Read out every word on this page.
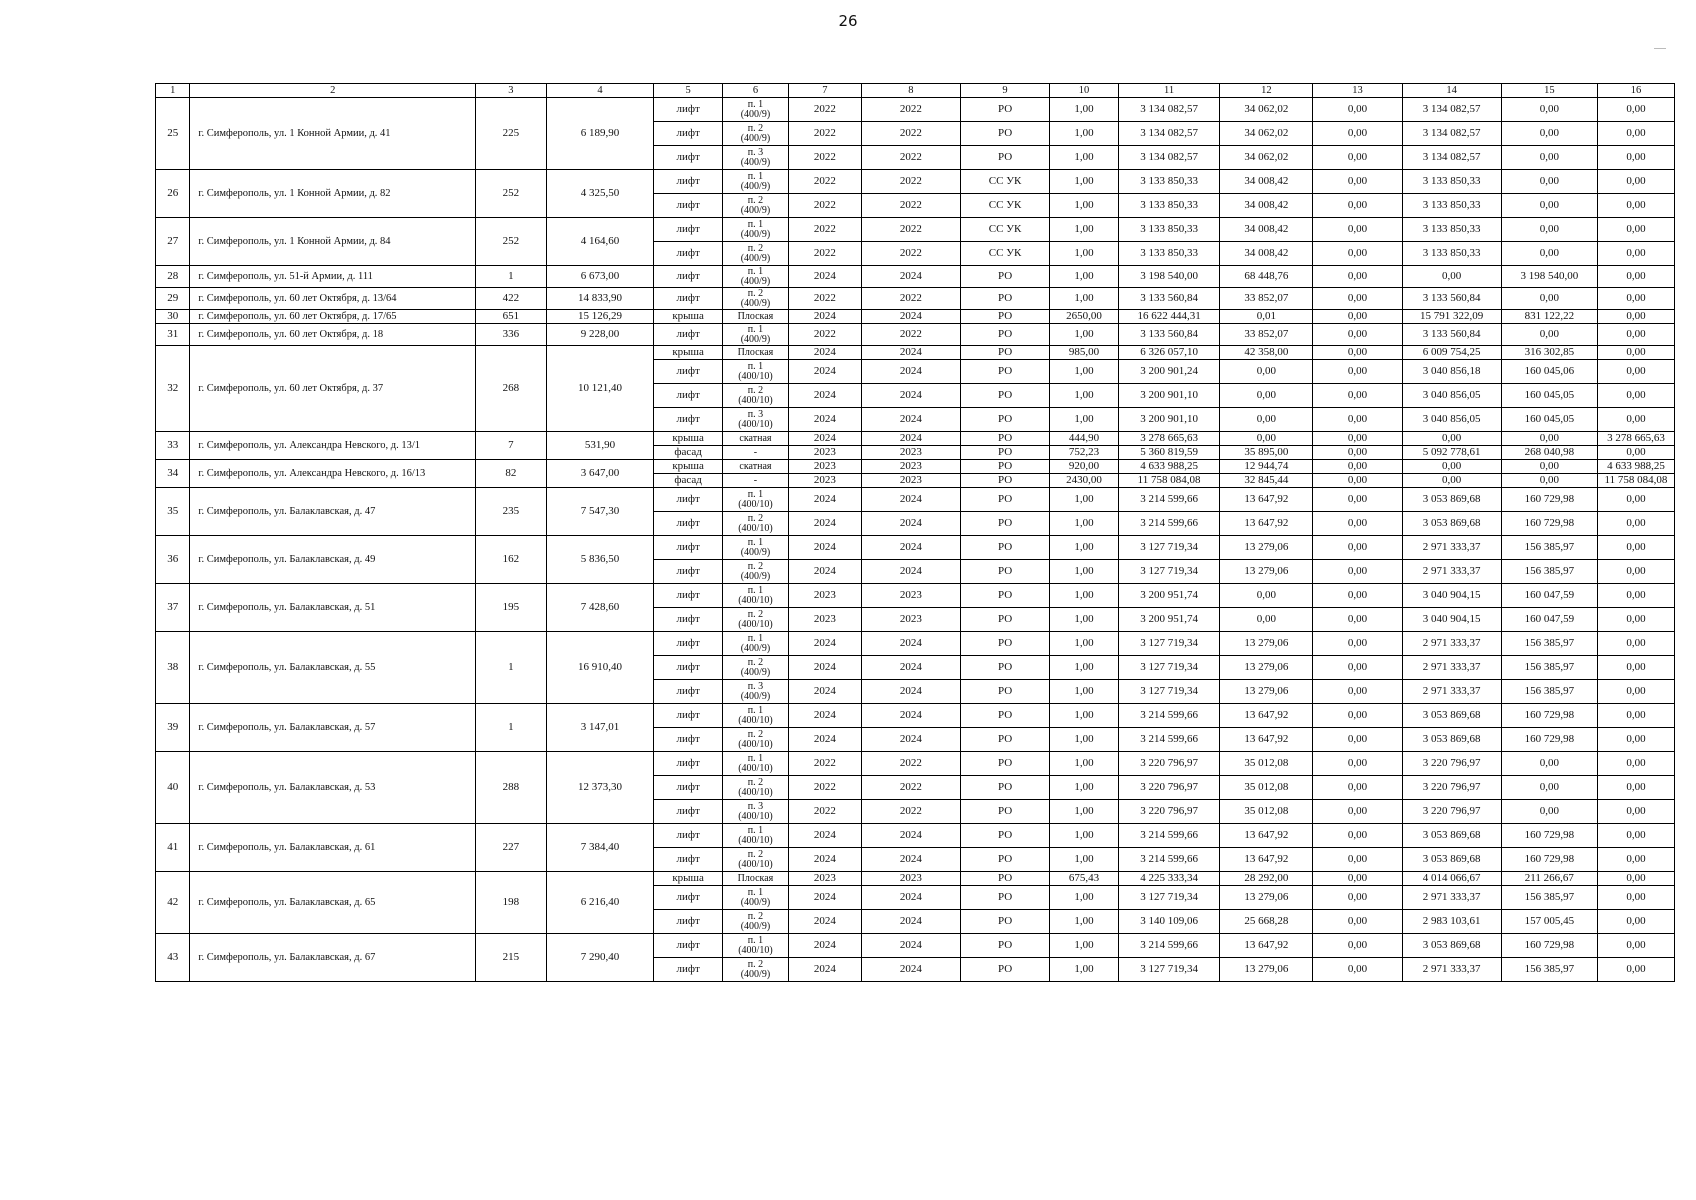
26
1	2	3	4	5	6	7	8	9	10	11	12	13	14	15	16
25	г. Симферополь, ул. 1 Конной Армии, д. 41	225	6 189,90	лифт	п. 1
(400/9)	2022	2022	РО	1,00	3 134 082,57	34 062,02	0,00	3 134 082,57	0,00	0,00
				лифт	п. 2
(400/9)	2022	2022	РО	1,00	3 134 082,57	34 062,02	0,00	3 134 082,57	0,00	0,00
				лифт	п. 3
(400/9)	2022	2022	РО	1,00	3 134 082,57	34 062,02	0,00	3 134 082,57	0,00	0,00
26	г. Симферополь, ул. 1 Конной Армии, д. 82	252	4 325,50	лифт	п. 1
(400/9)	2022	2022	СС УК	1,00	3 133 850,33	34 008,42	0,00	3 133 850,33	0,00	0,00
				лифт	п. 2
(400/9)	2022	2022	СС УК	1,00	3 133 850,33	34 008,42	0,00	3 133 850,33	0,00	0,00
27	г. Симферополь, ул. 1 Конной Армии, д. 84	252	4 164,60	лифт	п. 1
(400/9)	2022	2022	СС УК	1,00	3 133 850,33	34 008,42	0,00	3 133 850,33	0,00	0,00
				лифт	п. 2
(400/9)	2022	2022	СС УК	1,00	3 133 850,33	34 008,42	0,00	3 133 850,33	0,00	0,00
28	г. Симферополь, ул. 51-й Армии, д. 111	1	6 673,00	лифт	п. 1
(400/9)	2024	2024	РО	1,00	3 198 540,00	68 448,76	0,00	0,00	3 198 540,00	0,00
29	г. Симферополь, ул. 60 лет Октября, д. 13/64	422	14 833,90	лифт	п. 2
(400/9)	2022	2022	РО	1,00	3 133 560,84	33 852,07	0,00	3 133 560,84	0,00	0,00
30	г. Симферополь, ул. 60 лет Октября, д. 17/65	651	15 126,29	крыша	Плоская	2024	2024	РО	2650,00	16 622 444,31	0,01	0,00	15 791 322,09	831 122,22	0,00
31	г. Симферополь, ул. 60 лет Октября, д. 18	336	9 228,00	лифт	п. 1
(400/9)	2022	2022	РО	1,00	3 133 560,84	33 852,07	0,00	3 133 560,84	0,00	0,00
32	г. Симферополь, ул. 60 лет Октября, д. 37	268	10 121,40	крыша	Плоская	2024	2024	РО	985,00	6 326 057,10	42 358,00	0,00	6 009 754,25	316 302,85	0,00
				лифт	п. 1
(400/10)	2024	2024	РО	1,00	3 200 901,24	0,00	0,00	3 040 856,18	160 045,06	0,00
				лифт	п. 2
(400/10)	2024	2024	РО	1,00	3 200 901,10	0,00	0,00	3 040 856,05	160 045,05	0,00
				лифт	п. 3
(400/10)	2024	2024	РО	1,00	3 200 901,10	0,00	0,00	3 040 856,05	160 045,05	0,00
33	г. Симферополь, ул. Александра Невского, д. 13/1	7	531,90	крыша	скатная	2024	2024	РО	444,90	3 278 665,63	0,00	0,00	0,00	0,00	3 278 665,63
				фасад	-	2023	2023	РО	752,23	5 360 819,59	35 895,00	0,00	5 092 778,61	268 040,98	0,00
34	г. Симферополь, ул. Александра Невского, д. 16/13	82	3 647,00	крыша	скатная	2023	2023	РО	920,00	4 633 988,25	12 944,74	0,00	0,00	0,00	4 633 988,25
				фасад	-	2023	2023	РО	2430,00	11 758 084,08	32 845,44	0,00	0,00	0,00	11 758 084,08
35	г. Симферополь, ул. Балаклавская, д. 47	235	7 547,30	лифт	п. 1
(400/10)	2024	2024	РО	1,00	3 214 599,66	13 647,92	0,00	3 053 869,68	160 729,98	0,00
				лифт	п. 2
(400/10)	2024	2024	РО	1,00	3 214 599,66	13 647,92	0,00	3 053 869,68	160 729,98	0,00
36	г. Симферополь, ул. Балаклавская, д. 49	162	5 836,50	лифт	п. 1
(400/9)	2024	2024	РО	1,00	3 127 719,34	13 279,06	0,00	2 971 333,37	156 385,97	0,00
				лифт	п. 2
(400/9)	2024	2024	РО	1,00	3 127 719,34	13 279,06	0,00	2 971 333,37	156 385,97	0,00
37	г. Симферополь, ул. Балаклавская, д. 51	195	7 428,60	лифт	п. 1
(400/10)	2023	2023	РО	1,00	3 200 951,74	0,00	0,00	3 040 904,15	160 047,59	0,00
				лифт	п. 2
(400/10)	2023	2023	РО	1,00	3 200 951,74	0,00	0,00	3 040 904,15	160 047,59	0,00
38	г. Симферополь, ул. Балаклавская, д. 55	1	16 910,40	лифт	п. 1
(400/9)	2024	2024	РО	1,00	3 127 719,34	13 279,06	0,00	2 971 333,37	156 385,97	0,00
				лифт	п. 2
(400/9)	2024	2024	РО	1,00	3 127 719,34	13 279,06	0,00	2 971 333,37	156 385,97	0,00
				лифт	п. 3
(400/9)	2024	2024	РО	1,00	3 127 719,34	13 279,06	0,00	2 971 333,37	156 385,97	0,00
39	г. Симферополь, ул. Балаклавская, д. 57	1	3 147,01	лифт	п. 1
(400/10)	2024	2024	РО	1,00	3 214 599,66	13 647,92	0,00	3 053 869,68	160 729,98	0,00
				лифт	п. 2
(400/10)	2024	2024	РО	1,00	3 214 599,66	13 647,92	0,00	3 053 869,68	160 729,98	0,00
40	г. Симферополь, ул. Балаклавская, д. 53	288	12 373,30	лифт	п. 1
(400/10)	2022	2022	РО	1,00	3 220 796,97	35 012,08	0,00	3 220 796,97	0,00	0,00
				лифт	п. 2
(400/10)	2022	2022	РО	1,00	3 220 796,97	35 012,08	0,00	3 220 796,97	0,00	0,00
				лифт	п. 3
(400/10)	2022	2022	РО	1,00	3 220 796,97	35 012,08	0,00	3 220 796,97	0,00	0,00
41	г. Симферополь, ул. Балаклавская, д. 61	227	7 384,40	лифт	п. 1
(400/10)	2024	2024	РО	1,00	3 214 599,66	13 647,92	0,00	3 053 869,68	160 729,98	0,00
				лифт	п. 2
(400/10)	2024	2024	РО	1,00	3 214 599,66	13 647,92	0,00	3 053 869,68	160 729,98	0,00
42	г. Симферополь, ул. Балаклавская, д. 65	198	6 216,40	крыша	Плоская	2023	2023	РО	675,43	4 225 333,34	28 292,00	0,00	4 014 066,67	211 266,67	0,00
				лифт	п. 1
(400/9)	2024	2024	РО	1,00	3 127 719,34	13 279,06	0,00	2 971 333,37	156 385,97	0,00
				лифт	п. 2
(400/9)	2024	2024	РО	1,00	3 140 109,06	25 668,28	0,00	2 983 103,61	157 005,45	0,00
43	г. Симферополь, ул. Балаклавская, д. 67	215	7 290,40	лифт	п. 1
(400/10)	2024	2024	РО	1,00	3 214 599,66	13 647,92	0,00	3 053 869,68	160 729,98	0,00
				лифт	п. 2
(400/9)	2024	2024	РО	1,00	3 127 719,34	13 279,06	0,00	2 971 333,37	156 385,97	0,00
